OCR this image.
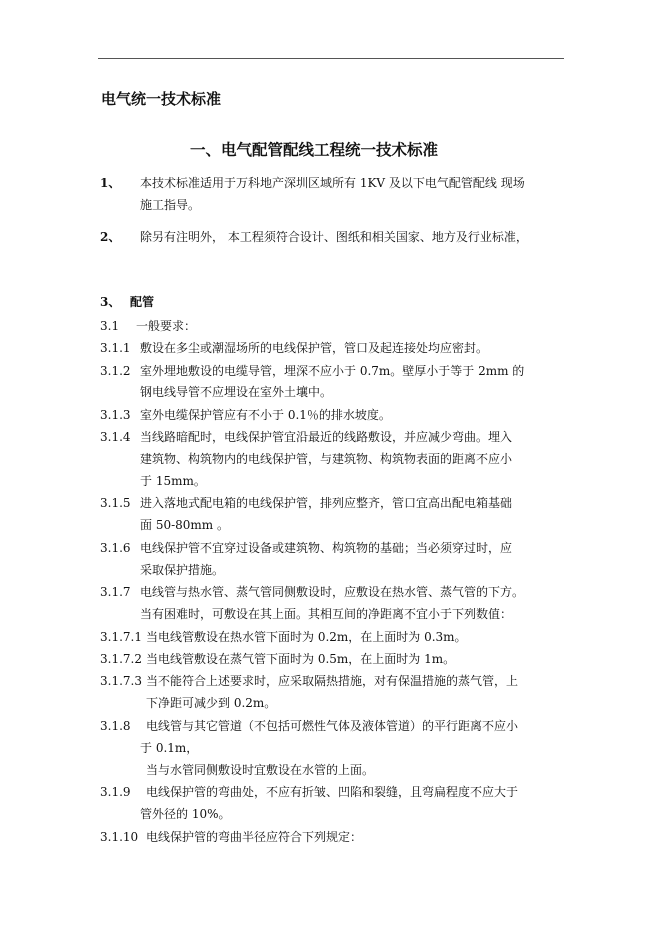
电气统一技术标准
一、电气配管配线工程统一技术标准
1、 本技术标准适用于万科地产深圳区域所有 1KV 及以下电气配管配线 现场
施工指导。
2、 除另有注明外， 本工程须符合设计、图纸和相关国家、地方及行业标准，
3、 配管
3.1 一般要求：
3.1.1 敷设在多尘或潮湿场所的电线保护管，管口及起连接处均应密封。
3.1.2 室外埋地敷设的电缆导管，埋深不应小于 0.7m。壁厚小于等于 2mm 的
钢电线导管不应埋设在室外土壤中。
3.1.3 室外电缆保护管应有不小于 0.1％的排水坡度。
3.1.4 当线路暗配时，电线保护管宜沿最近的线路敷设，并应减少弯曲。埋入
建筑物、构筑物内的电线保护管，与建筑物、构筑物表面的距离不应小
于 15mm。
3.1.5 进入落地式配电箱的电线保护管，排列应整齐，管口宜高出配电箱基础
面 50-80mm 。
3.1.6 电线保护管不宜穿过设备或建筑物、构筑物的基础；当必须穿过时，应
采取保护措施。
3.1.7 电线管与热水管、蒸气管同侧敷设时，应敷设在热水管、蒸气管的下方。
当有困难时，可敷设在其上面。其相互间的净距离不宜小于下列数值：
3.1.7.1 当电线管敷设在热水管下面时为 0.2m，在上面时为 0.3m。
3.1.7.2 当电线管敷设在蒸气管下面时为 0.5m，在上面时为 1m。
3.1.7.3 当不能符合上述要求时，应采取隔热措施，对有保温措施的蒸气管，上
下净距可减少到 0.2m。
3.1.8 电线管与其它管道（不包括可燃性气体及液体管道）的平行距离不应小
于 0.1m，
当与水管同侧敷设时宜敷设在水管的上面。
3.1.9 电线保护管的弯曲处，不应有折皱、凹陷和裂缝，且弯扁程度不应大于
管外径的 10%。
3.1.10 电线保护管的弯曲半径应符合下列规定：
